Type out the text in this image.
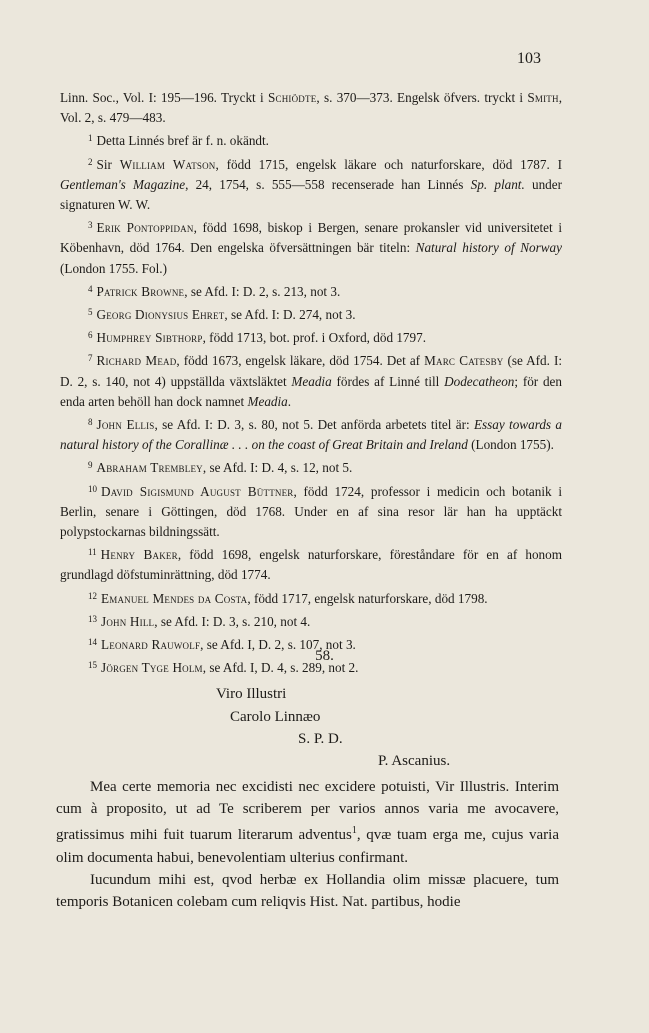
103

Linn. Soc., Vol. I: 195—196. Tryckt i Schiödte, s. 370—373. Engelsk öfvers. tryckt i Smith, Vol. 2, s. 479—483.

$^1$ Detta Linnés bref är f. n. okändt.

$^2$ Sir William Watson, född 1715, engelsk läkare och naturforskare, död 1787. I Gentleman's Magazine, 24, 1754, s. 555—558 recenserade han Linnés Sp. plant. under signaturen W. W.

$^3$ Erik Pontoppidan, född 1698, biskop i Bergen, senare prokansler vid universitetet i Köbenhavn, död 1764. Den engelska öfversättningen bär titeln: Natural history of Norway (London 1755. Fol.)

$^4$ Patrick Browne, se Afd. I: D. 2, s. 213, not 3.

$^5$ Georg Dionysius Ehret, se Afd. I: D. 274, not 3.

$^6$ Humphrey Sibthorp, född 1713, bot. prof. i Oxford, död 1797.

$^7$ Richard Mead, född 1673, engelsk läkare, död 1754. Det af Marc Catesby (se Afd. I: D. 2, s. 140, not 4) uppställda växtsläktet Meadia fördes af Linné till Dodecatheon; för den enda arten behöll han dock namnet Meadia.

$^8$ John Ellis, se Afd. I: D. 3, s. 80, not 5. Det anförda arbetets titel är: Essay towards a natural history of the Corallinæ . . . on the coast of Great Britain and Ireland (London 1755).

$^9$ Abraham Trembley, se Afd. I: D. 4, s. 12, not 5.

$^{10}$ David Sigismund August Büttner, född 1724, professor i medicin och botanik i Berlin, senare i Göttingen, död 1768. Under en af sina resor lär han ha upptäckt polypstockarnas bildningssätt.

$^{11}$ Henry Baker, född 1698, engelsk naturforskare, föreståndare för en af honom grundlagd döfstuminrättning, död 1774.

$^{12}$ Emanuel Mendes da Costa, född 1717, engelsk naturforskare, död 1798.

$^{13}$ John Hill, se Afd. I: D. 3, s. 210, not 4.

$^{14}$ Leonard Rauwolf, se Afd. I, D. 2, s. 107, not 3.

$^{15}$ Jörgen Tyge Holm, se Afd. I, D. 4, s. 289, not 2.

58.
Viro Illustri
Carolo Linnæo
S. P. D.
P. Ascanius.

Mea certe memoria nec excidisti nec excidere potuisti, Vir Illustris. Interim cum à proposito, ut ad Te scriberem per varios annos varia me avocavere, gratissimus mihi fuit tuarum literarum adventus$^1$, qvæ tuam erga me, cujus varia olim documenta habui, benevolentiam ulterius confirmant.

Iucundum mihi est, qvod herbæ ex Hollandia olim missæ placuere, tum temporis Botanicen colebam cum reliqvis Hist. Nat. partibus, hodie
